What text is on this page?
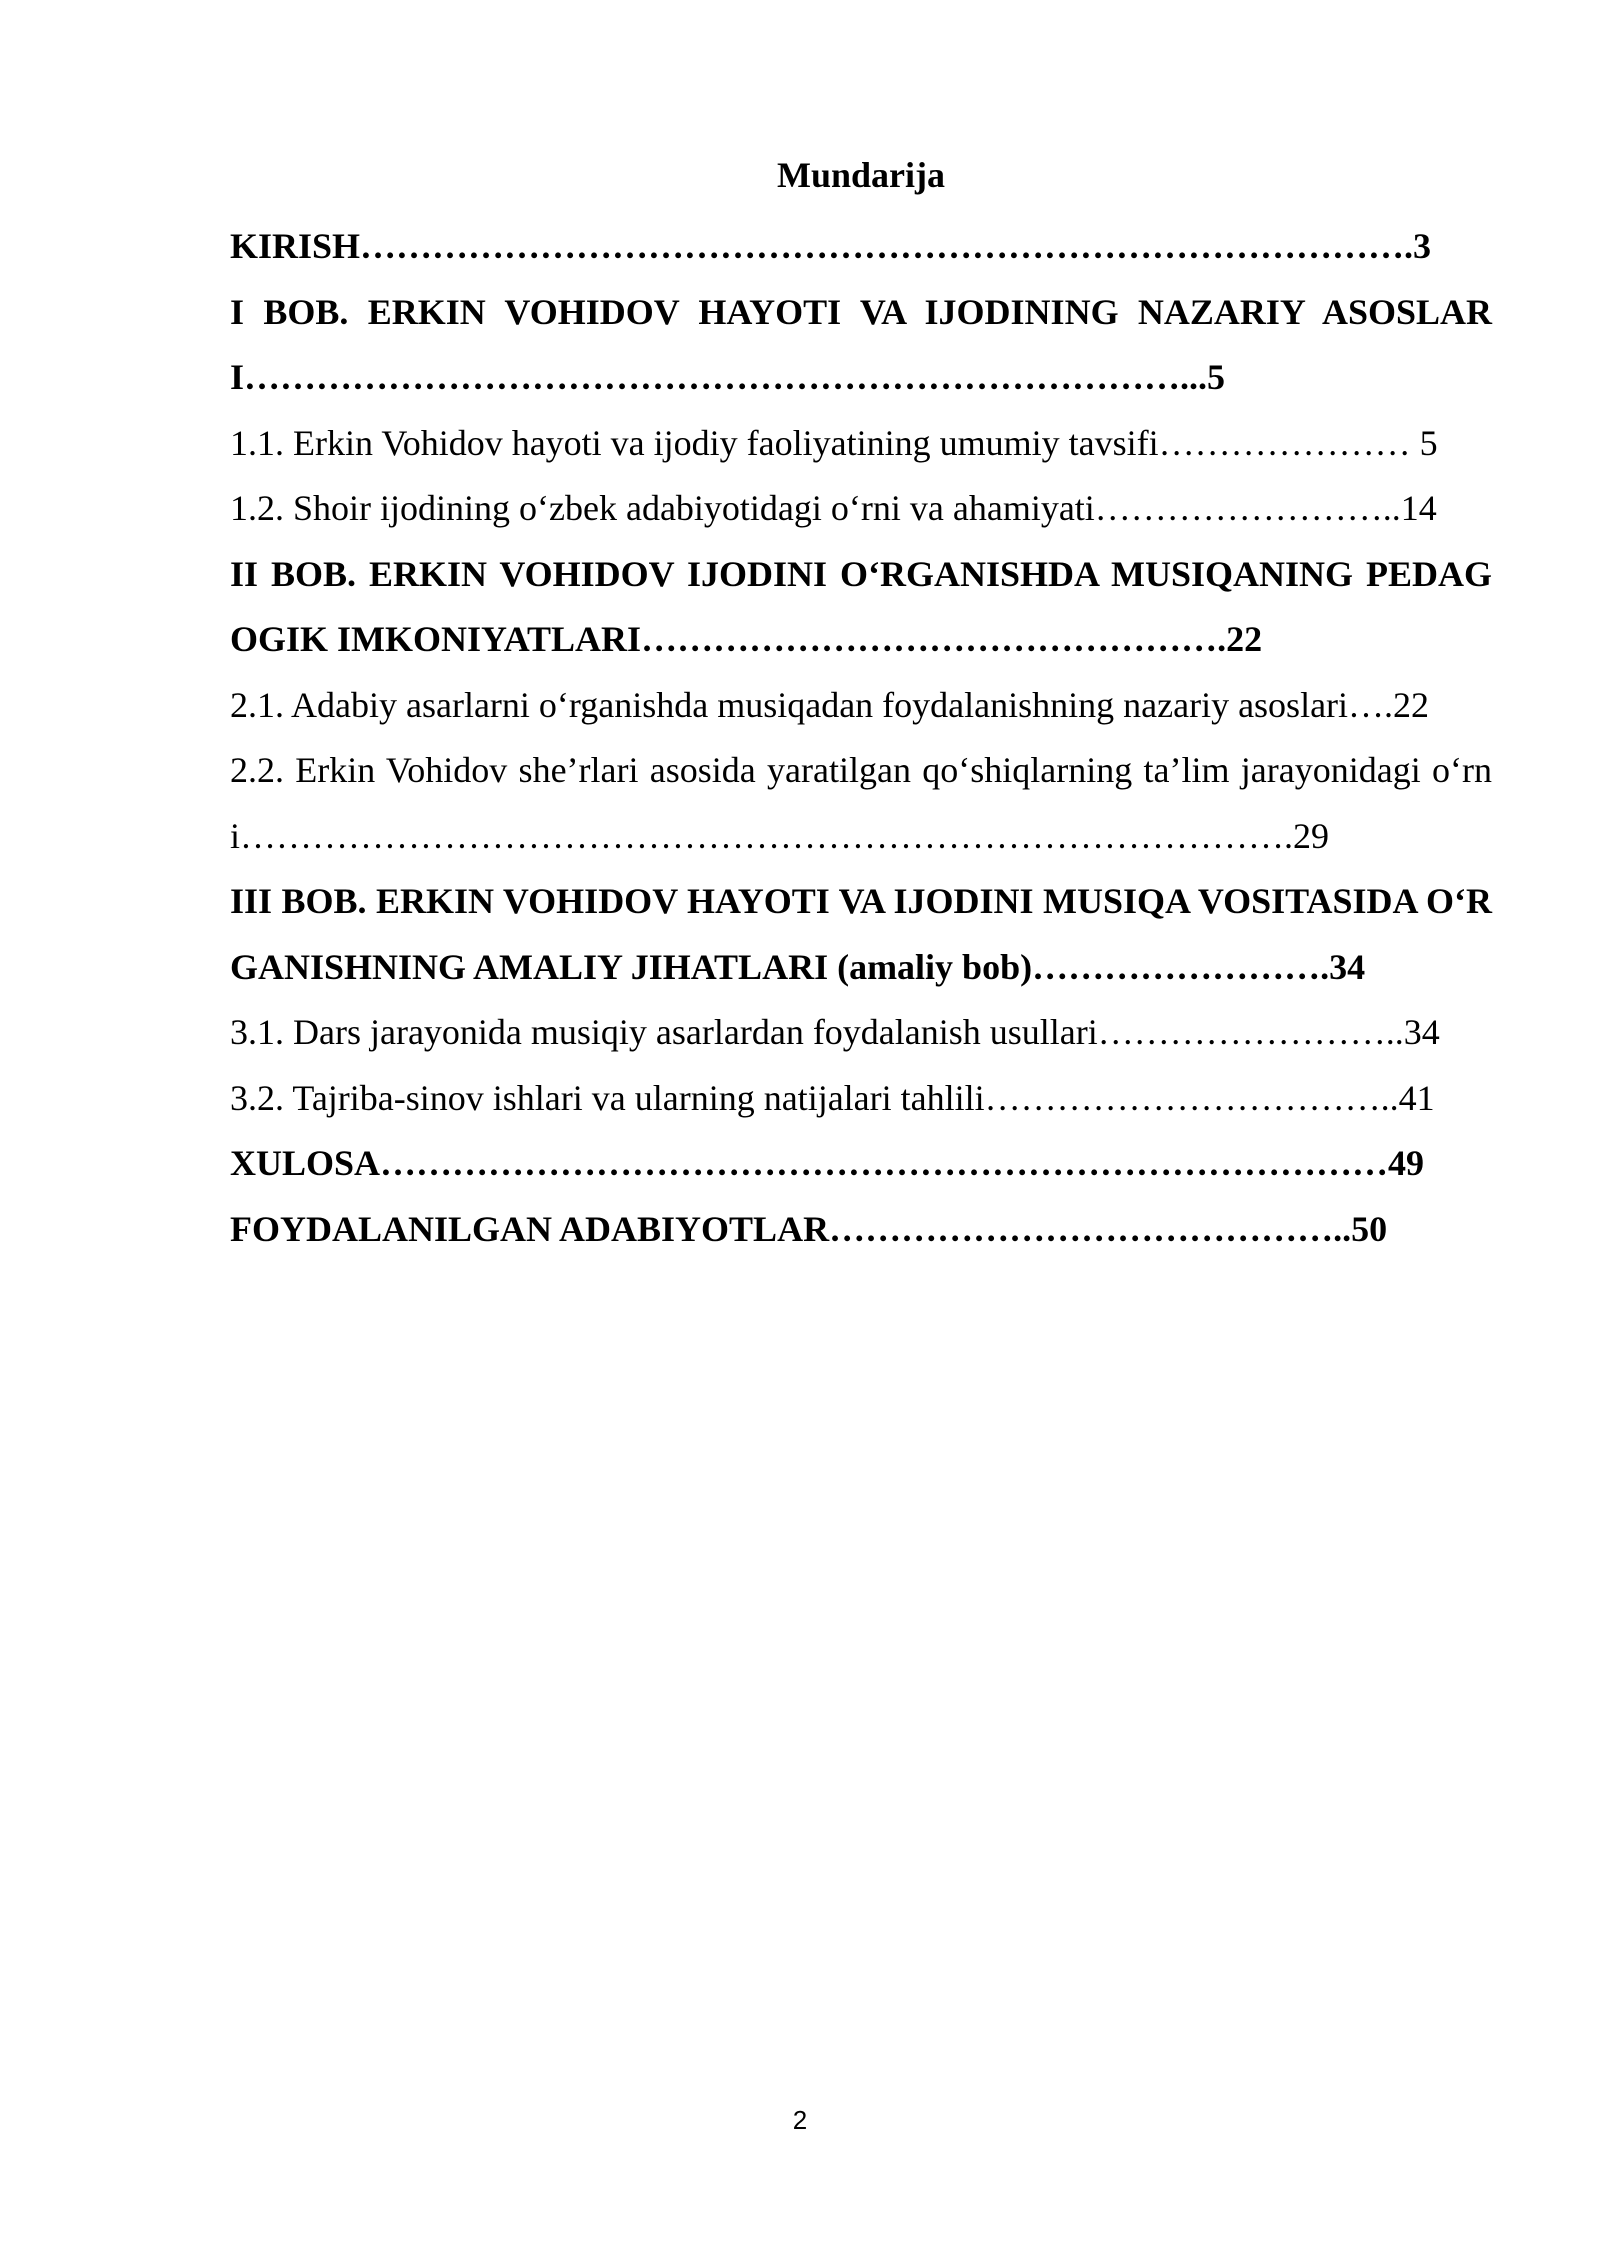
Mundarija

KIRISH…………………………………………………………………………….3

I BOB. ERKIN VOHIDOV HAYOTI VA IJODINING NAZARIY ASOSLARI……………………………………………………………………...5

1.1. Erkin Vohidov hayoti va ijodiy faoliyatining umumiy tavsifi………………… 5

1.2. Shoir ijodining o‘zbek adabiyotidagi o‘rni va ahamiyati……………………..14

II BOB. ERKIN VOHIDOV IJODINI O‘RGANISHDA MUSIQANING PEDAGOGIK IMKONIYATLARI………………………………………….22

2.1. Adabiy asarlarni o‘rganishda musiqadan foydalanishning nazariy asoslari….22

2.2. Erkin Vohidov she’rlari asosida yaratilgan qo‘shiqlarning ta’lim jarayonidagi o‘rni…………………………………………………………………………….29

III BOB. ERKIN VOHIDOV HAYOTI VA IJODINI MUSIQA VOSITASIDA O‘RGANISHNING AMALIY JIHATLARI (amaliy bob)…………………….34

3.1. Dars jarayonida musiqiy asarlardan foydalanish usullari……………………..34

3.2. Tajriba-sinov ishlari va ularning natijalari tahlili……………………………..41

XULOSA…………………………………………………………………………49

FOYDALANILGAN ADABIYOTLAR……………………………………..50

2
